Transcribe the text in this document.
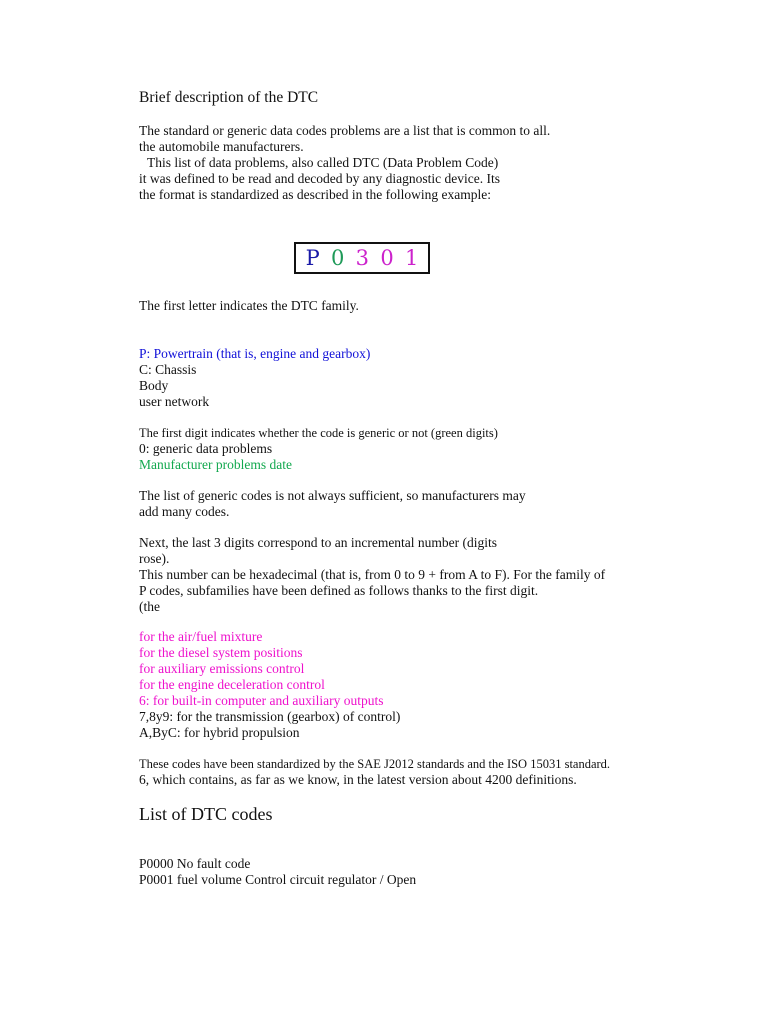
Brief description of the DTC
The standard or generic data codes problems are a list that is common to all.
the automobile manufacturers.
This list of data problems, also called DTC (Data Problem Code)
it was defined to be read and decoded by any diagnostic device. Its
the format is standardized as described in the following example:
P 0 3 0 1
The first letter indicates the DTC family.
P: Powertrain (that is, engine and gearbox)
C: Chassis
Body
user network
The first digit indicates whether the code is generic or not (green digits)
0: generic data problems
Manufacturer problems date
The list of generic codes is not always sufficient, so manufacturers may
add many codes.
Next, the last 3 digits correspond to an incremental number (digits
rose).
This number can be hexadecimal (that is, from 0 to 9 + from A to F). For the family of
P codes, subfamilies have been defined as follows thanks to the first digit.
(the
for the air/fuel mixture
for the diesel system positions
for auxiliary emissions control
for the engine deceleration control
6: for built-in computer and auxiliary outputs
7,8y9: for the transmission (gearbox) of control)
A,ByC: for hybrid propulsion
These codes have been standardized by the SAE J2012 standards and the ISO 15031 standard.
6, which contains, as far as we know, in the latest version about 4200 definitions.
List of DTC codes
P0000 No fault code
P0001 fuel volume Control circuit regulator / Open
